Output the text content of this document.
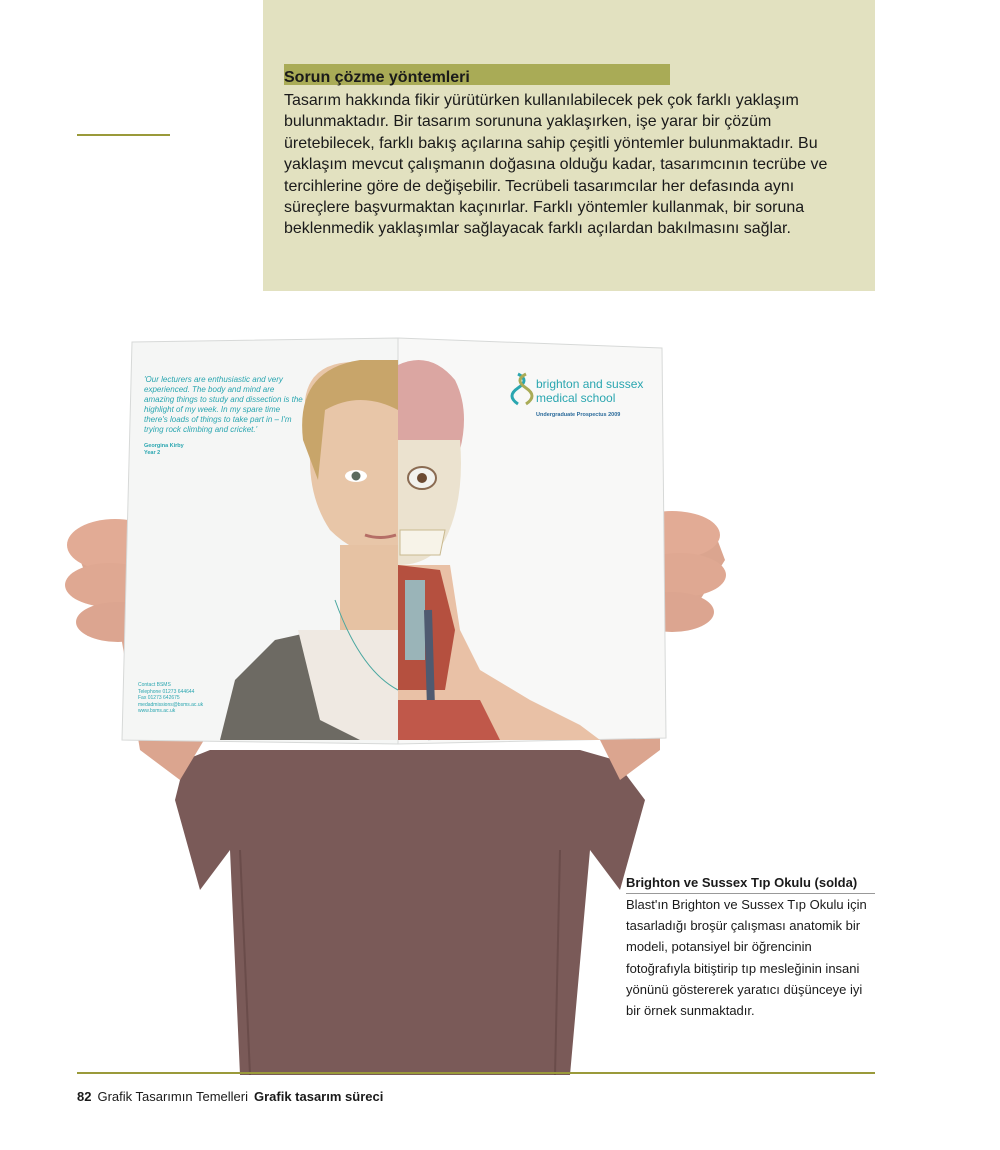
Sorun çözme yöntemleri
Tasarım hakkında fikir yürütürken kullanılabilecek pek çok farklı yaklaşım
bulunmaktadır. Bir tasarım sorununa yaklaşırken, işe yarar bir çözüm
üretebilecek, farklı bakış açılarına sahip çeşitli yöntemler bulunmaktadır. Bu
yaklaşım mevcut çalışmanın doğasına olduğu kadar, tasarımcının tecrübe ve
tercihlerine göre de değişebilir. Tecrübeli tasarımcılar her defasında aynı
süreçlere başvurmaktan kaçınırlar. Farklı yöntemler kullanmak, bir soruna
beklenmedik yaklaşımlar sağlayacak farklı açılardan bakılmasını sağlar.
'Our lecturers are enthusiastic and very experienced. The body and mind are amazing things to study and dissection is the highlight of my week. In my spare time there's loads of things to take part in – I'm trying rock climbing and cricket.'
Georgina Kirby
Year 2
Contact BSMS
Telephone 01273 644644
Fax 01273 642675
medadmissions@bsms.ac.uk
www.bsms.ac.uk
brighton and sussex
medical school
Undergraduate Prospectus 2009
Brighton ve Sussex Tıp Okulu (solda)
Blast'ın Brighton ve Sussex Tıp Okulu için
tasarladığı broşür çalışması anatomik bir
modeli, potansiyel bir öğrencinin
fotoğrafıyla bitiştirip tıp mesleğinin insani
yönünü göstererek yaratıcı düşünceye iyi
bir örnek sunmaktadır.
82 Grafik Tasarımın Temelleri Grafik tasarım süreci
